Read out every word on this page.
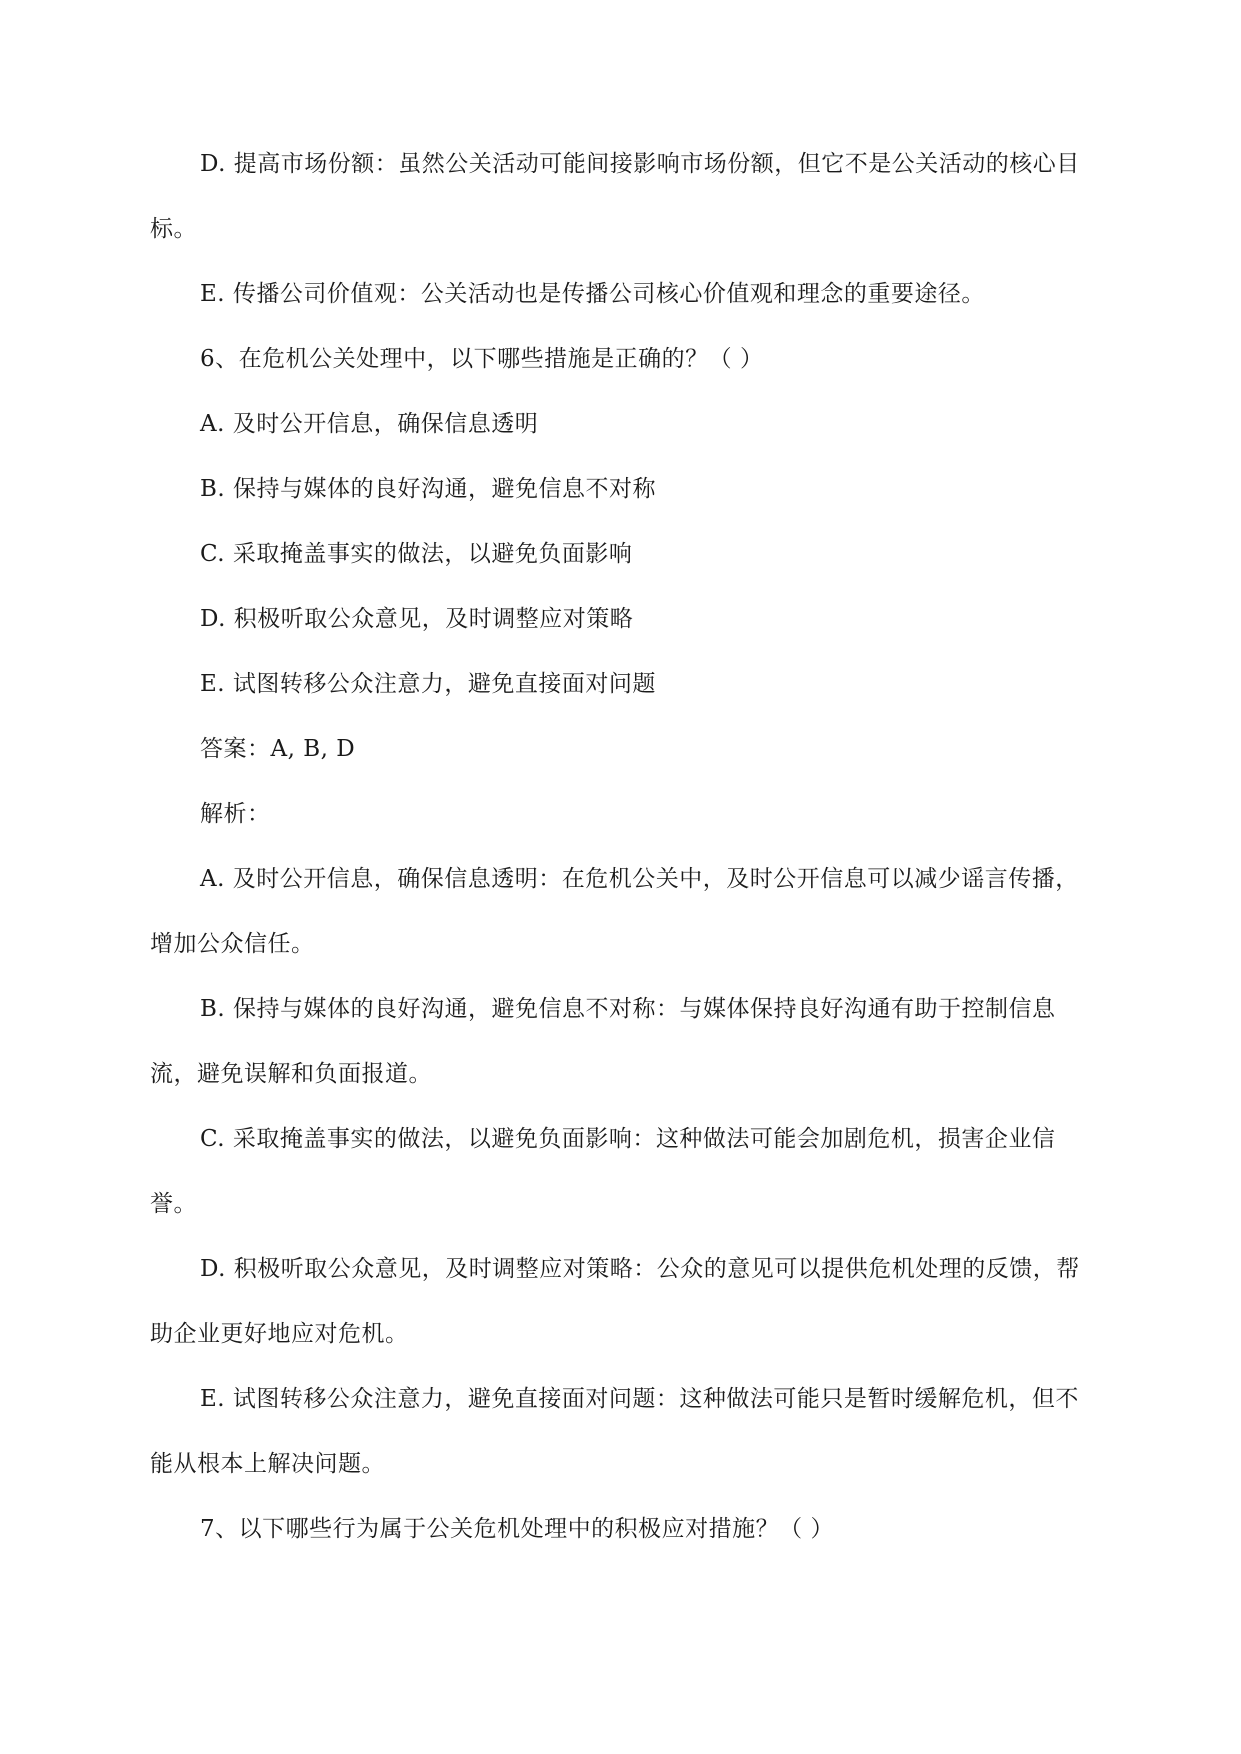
D. 提高市场份额：虽然公关活动可能间接影响市场份额，但它不是公关活动的核心目标。

E. 传播公司价值观：公关活动也是传播公司核心价值观和理念的重要途径。

6、在危机公关处理中，以下哪些措施是正确的？（ ）

A. 及时公开信息，确保信息透明

B. 保持与媒体的良好沟通，避免信息不对称

C. 采取掩盖事实的做法，以避免负面影响

D. 积极听取公众意见，及时调整应对策略

E. 试图转移公众注意力，避免直接面对问题

答案：A, B, D

解析：

A. 及时公开信息，确保信息透明：在危机公关中，及时公开信息可以减少谣言传播，增加公众信任。

B. 保持与媒体的良好沟通，避免信息不对称：与媒体保持良好沟通有助于控制信息流，避免误解和负面报道。

C. 采取掩盖事实的做法，以避免负面影响：这种做法可能会加剧危机，损害企业信誉。

D. 积极听取公众意见，及时调整应对策略：公众的意见可以提供危机处理的反馈，帮助企业更好地应对危机。

E. 试图转移公众注意力，避免直接面对问题：这种做法可能只是暂时缓解危机，但不能从根本上解决问题。

7、以下哪些行为属于公关危机处理中的积极应对措施？（ ）
